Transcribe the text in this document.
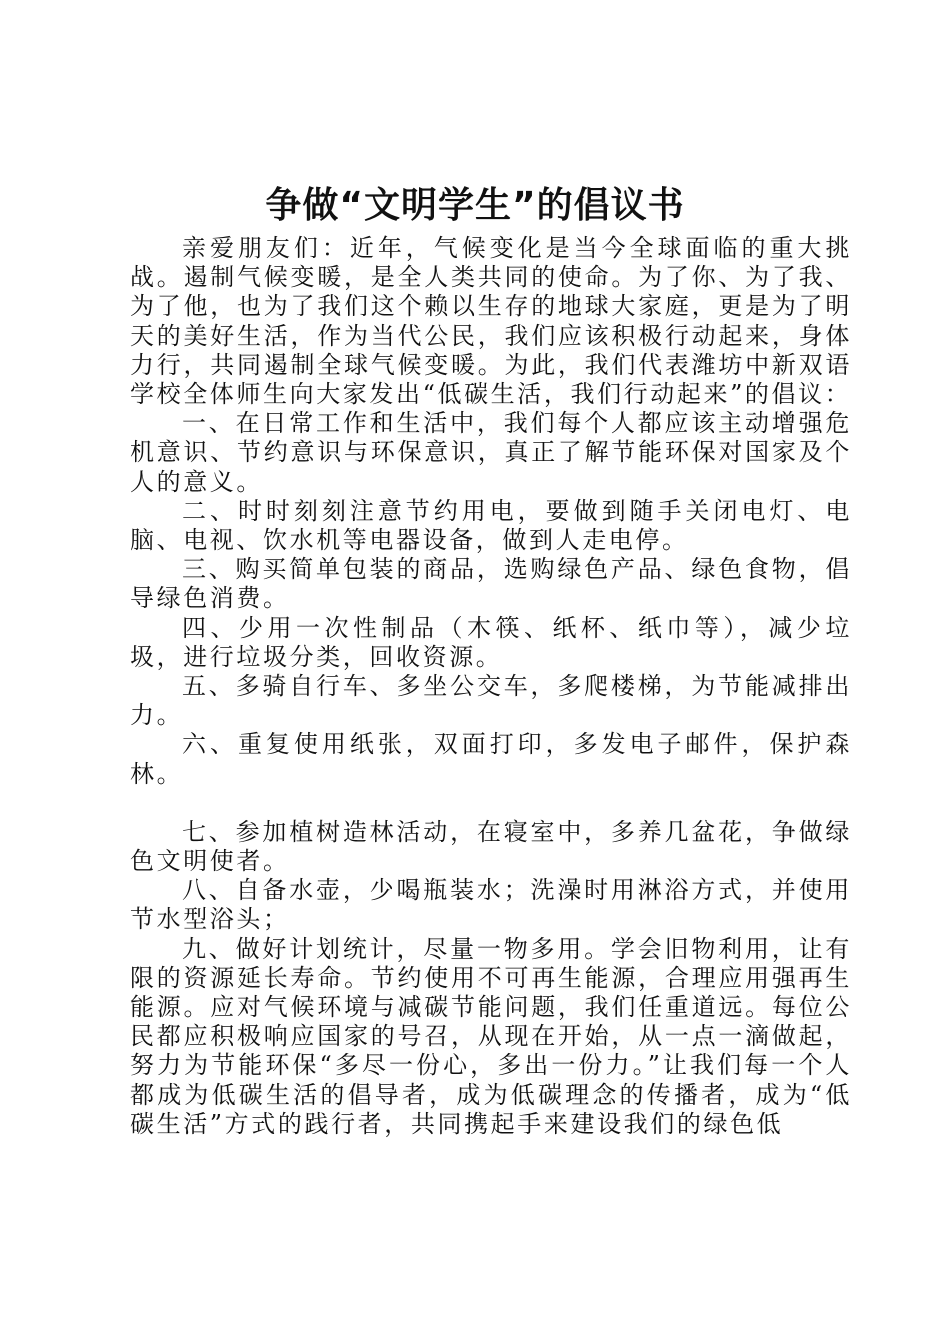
争做“文明学生”的倡议书

亲爱朋友们：近年，气候变化是当今全球面临的重大挑战。遏制气候变暖，是全人类共同的使命。为了你、为了我、为了他，也为了我们这个赖以生存的地球大家庭，更是为了明天的美好生活，作为当代公民，我们应该积极行动起来，身体力行，共同遏制全球气候变暖。为此，我们代表潍坊中新双语学校全体师生向大家发出“低碳生活，我们行动起来”的倡议：

一、在日常工作和生活中，我们每个人都应该主动增强危机意识、节约意识与环保意识，真正了解节能环保对国家及个人的意义。

二、时时刻刻注意节约用电，要做到随手关闭电灯、电脑、电视、饮水机等电器设备，做到人走电停。

三、购买简单包装的商品，选购绿色产品、绿色食物，倡导绿色消费。

四、少用一次性制品（木筷、纸杯、纸巾等），减少垃圾，进行垃圾分类，回收资源。

五、多骑自行车、多坐公交车，多爬楼梯，为节能减排出力。

六、重复使用纸张，双面打印，多发电子邮件，保护森林。

七、参加植树造林活动，在寝室中，多养几盆花，争做绿色文明使者。

八、自备水壶，少喝瓶装水；洗澡时用淋浴方式，并使用节水型浴头；

九、做好计划统计，尽量一物多用。学会旧物利用，让有限的资源延长寿命。节约使用不可再生能源，合理应用强再生能源。应对气候环境与减碳节能问题，我们任重道远。每位公民都应积极响应国家的号召，从现在开始，从一点一滴做起，努力为节能环保“多尽一份心，多出一份力。”让我们每一个人都成为低碳生活的倡导者，成为低碳理念的传播者，成为“低碳生活”方式的践行者，共同携起手来建设我们的绿色低
